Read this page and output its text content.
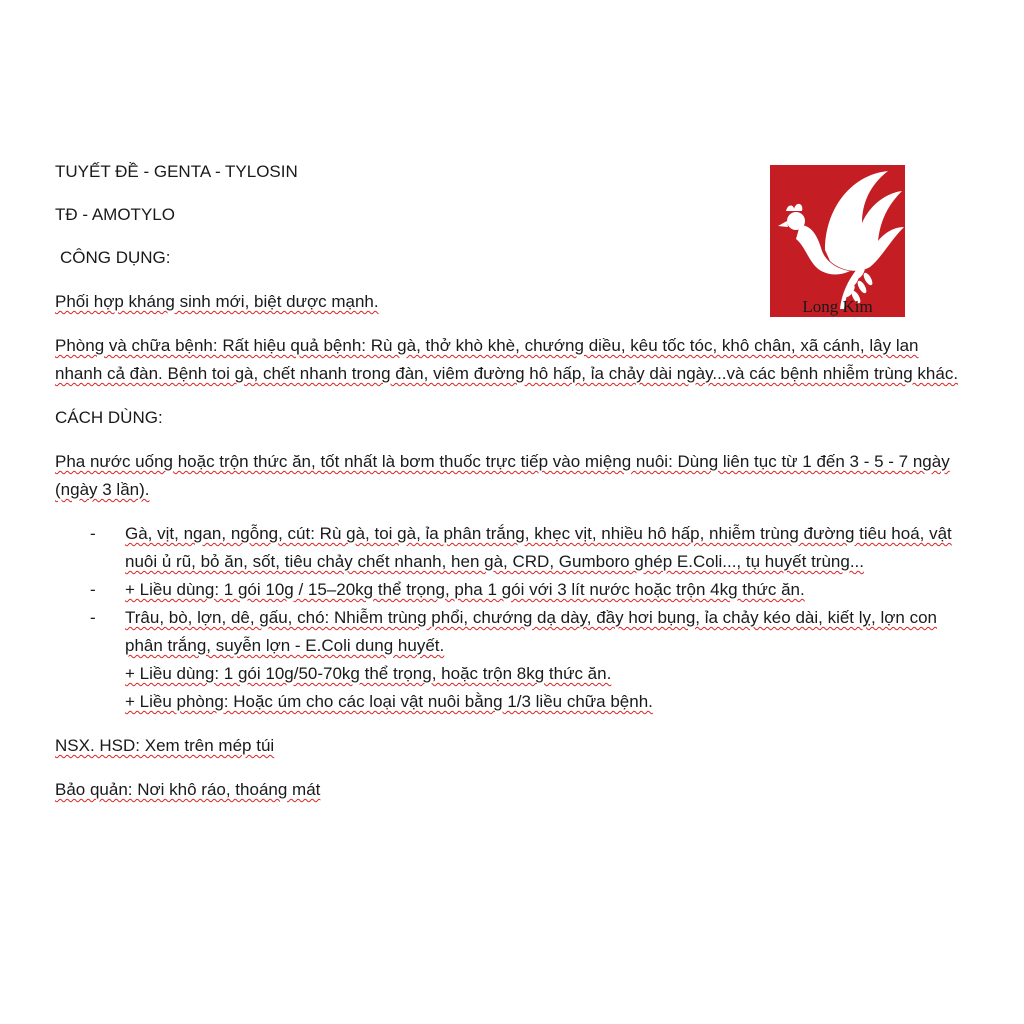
TUYẾT ĐỀ - GENTA - TYLOSIN

TĐ - AMOTYLO

CÔNG DỤNG:

Phối hợp kháng sinh mới, biệt dược mạnh.

Phòng và chữa bệnh: Rất hiệu quả bệnh: Rù gà, thở khò khè, chướng diều, kêu tốc tóc, khô chân, xã cánh, lây lan nhanh cả đàn. Bệnh toi gà, chết nhanh trong đàn, viêm đường hô hấp, ỉa chảy dài ngày...và các bệnh nhiễm trùng khác.

CÁCH DÙNG:

Pha nước uống hoặc trộn thức ăn, tốt nhất là bơm thuốc trực tiếp vào miệng nuôi: Dùng liên tục từ 1 đến 3 - 5 - 7 ngày (ngày 3 lần).

- Gà, vịt, ngan, ngỗng, cút: Rù gà, toi gà, ỉa phân trắng, khẹc vịt, nhiều hô hấp, nhiễm trùng đường tiêu hoá, vật nuôi ủ rũ, bỏ ăn, sốt, tiêu chảy chết nhanh, hen gà, CRD, Gumboro ghép E.Coli..., tụ huyết trùng...
- + Liều dùng: 1 gói 10g / 15–20kg thể trọng, pha 1 gói với 3 lít nước hoặc trộn 4kg thức ăn.
- Trâu, bò, lợn, dê, gấu, chó: Nhiễm trùng phổi, chướng dạ dày, đầy hơi bụng, ỉa chảy kéo dài, kiết lỵ, lợn con phân trắng, suyễn lợn - E.Coli dung huyết.
+ Liều dùng: 1 gói 10g/50-70kg thể trọng, hoặc trộn 8kg thức ăn.
+ Liều phòng: Hoặc úm cho các loại vật nuôi bằng 1/3 liều chữa bệnh.

NSX. HSD: Xem trên mép túi

Bảo quản: Nơi khô ráo, thoáng mát

Long Kim
